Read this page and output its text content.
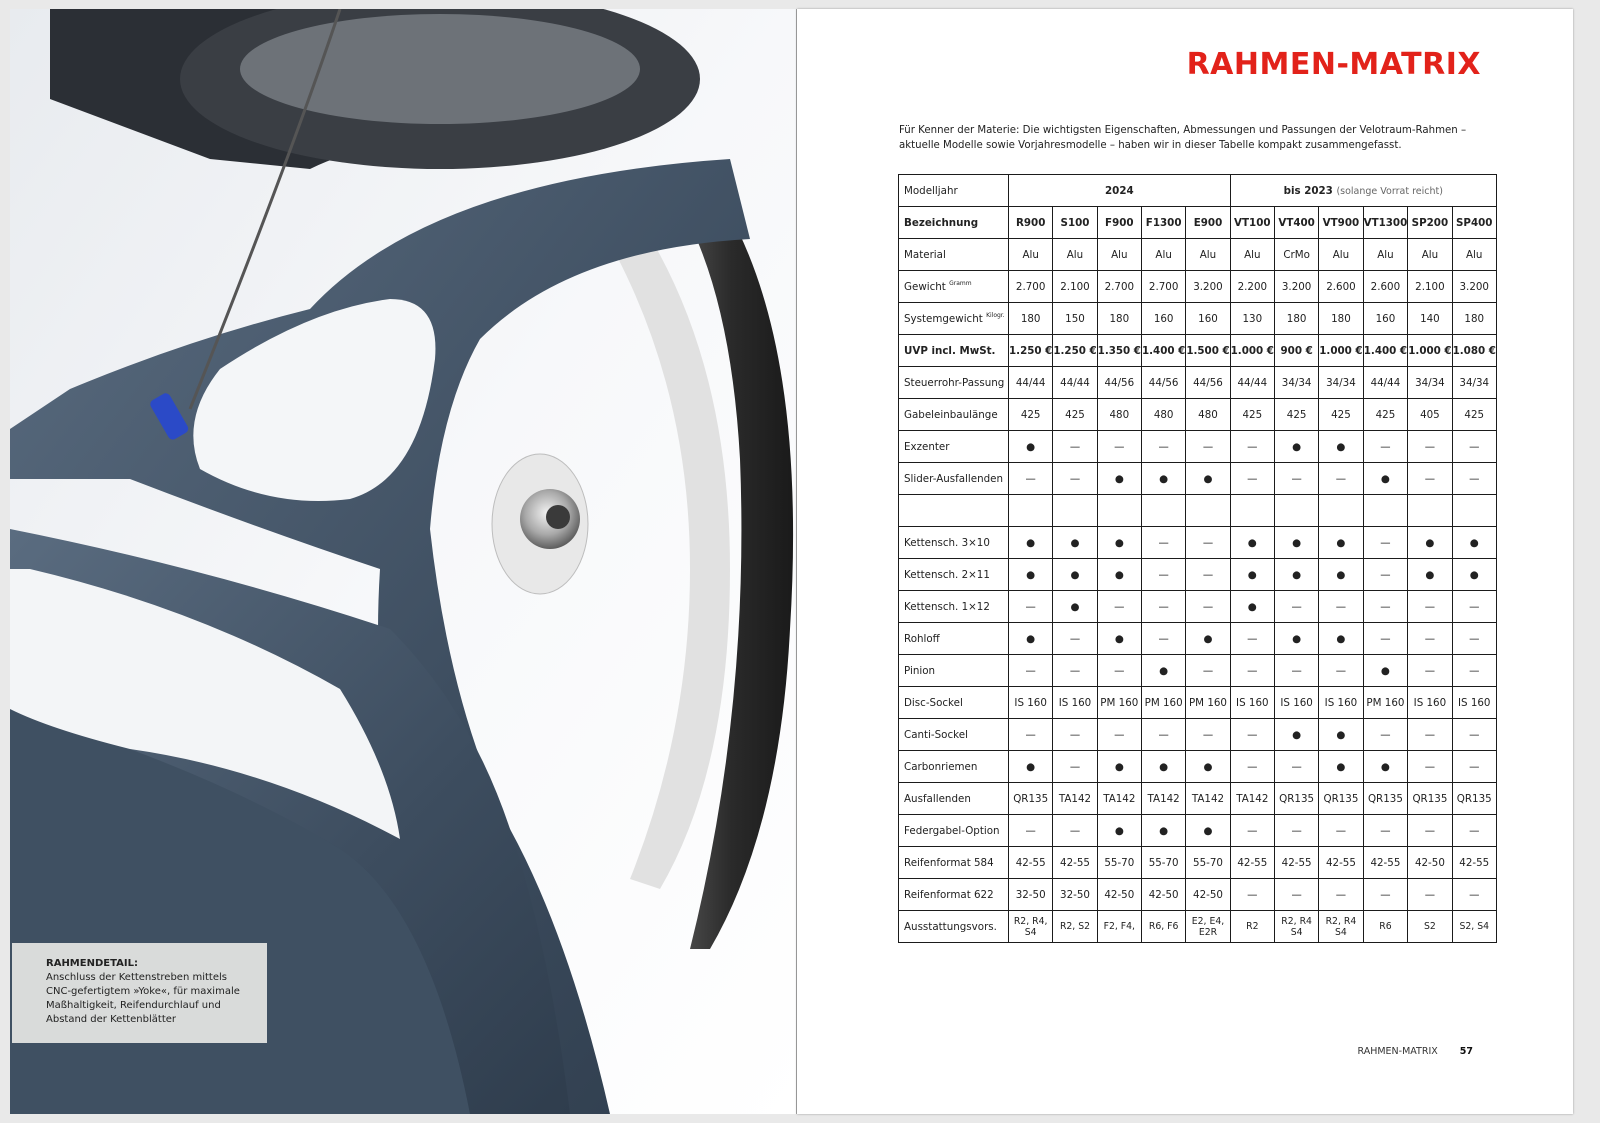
RAHMENDETAIL:
Anschluss der Kettenstreben mittels
CNC-gefertigtem »Yoke«, für maximale
Maßhaltigkeit, Reifendurchlauf und
Abstand der Kettenblätter
RAHMEN-MATRIX
Für Kenner der Materie: Die wichtigsten Eigenschaften, Abmessungen und Passungen der Velotraum-Rahmen – aktuelle Modelle sowie Vorjahresmodelle – haben wir in dieser Tabelle kompakt zusammengefasst.
Modelljahr	2024					bis 2023 (solange Vorrat reicht)					
Bezeichnung	R900	S100	F900	F1300	E900	VT100	VT400	VT900	VT1300	SP200	SP400
Material	Alu	Alu	Alu	Alu	Alu	Alu	CrMo	Alu	Alu	Alu	Alu
Gewicht $^{Gramm}$	2.700	2.100	2.700	2.700	3.200	2.200	3.200	2.600	2.600	2.100	3.200
Systemgewicht $^{Kilogr.}$	180	150	180	160	160	130	180	180	160	140	180
UVP incl. MwSt.	1.250 €	1.250 €	1.350 €	1.400 €	1.500 €	1.000 €	900 €	1.000 €	1.400 €	1.000 €	1.080 €
Steuerrohr-Passung	44/44	44/44	44/56	44/56	44/56	44/44	34/34	34/34	44/44	34/34	34/34
Gabeleinbaulänge	425	425	480	480	480	425	425	425	425	405	425
Exzenter	●	—	—	—	—	—	●	●	—	—	—
Slider-Ausfallenden	—	—	●	●	●	—	—	—	●	—	—

Kettensch. 3×10	●	●	●	—	—	●	●	●	—	●	●
Kettensch. 2×11	●	●	●	—	—	●	●	●	—	●	●
Kettensch. 1×12	—	●	—	—	—	●	—	—	—	—	—
Rohloff	●	—	●	—	●	—	●	●	—	—	—
Pinion	—	—	—	●	—	—	—	—	●	—	—
Disc-Sockel	IS 160	IS 160	PM 160	PM 160	PM 160	IS 160	IS 160	IS 160	PM 160	IS 160	IS 160
Canti-Sockel	—	—	—	—	—	—	●	●	—	—	—
Carbonriemen	●	—	●	●	●	—	—	●	●	—	—
Ausfallenden	QR135	TA142	TA142	TA142	TA142	TA142	QR135	QR135	QR135	QR135	QR135
Federgabel-Option	—	—	●	●	●	—	—	—	—	—	—
Reifenformat 584	42-55	42-55	55-70	55-70	55-70	42-55	42-55	42-55	42-55	42-50	42-55
Reifenformat 622	32-50	32-50	42-50	42-50	42-50	—	—	—	—	—	—
Ausstattungsvors.	R2, R4, S4	R2, S2	F2, F4,	R6, F6	E2, E4, E2R	R2	R2, R4 S4	R2, R4 S4	R6	S2	S2, S4
RAHMEN-MATRIX 57
